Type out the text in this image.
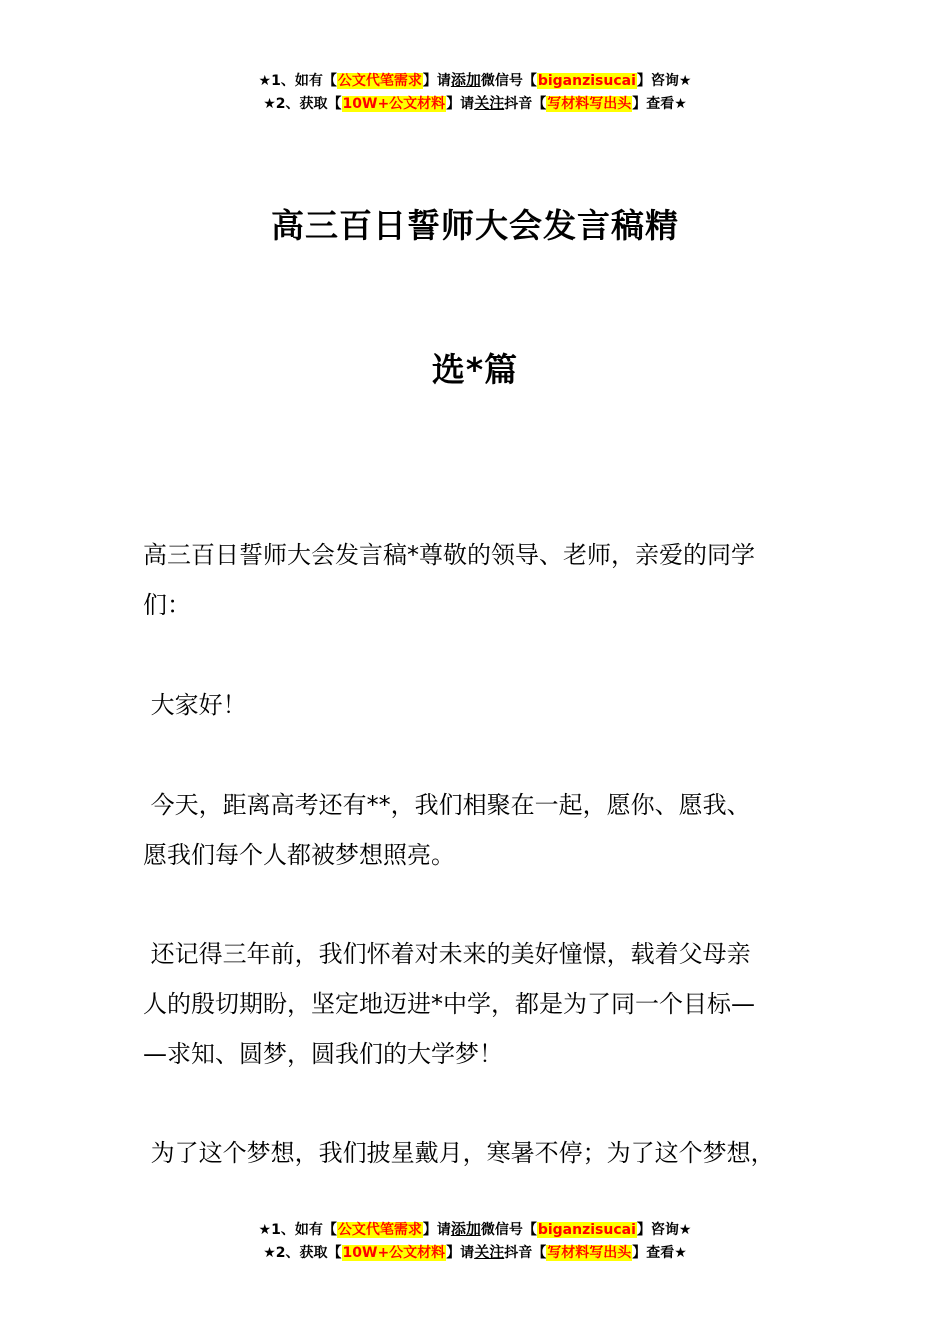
★1、如有【公文代笔需求】请添加微信号【biganzisucai】咨询★
★2、获取【10W+公文材料】请关注抖音【写材料写出头】查看★
高三百日誓师大会发言稿精
选*篇
高三百日誓师大会发言稿*尊敬的领导、老师，亲爱的同学
们：
大家好！
今天，距离高考还有**，我们相聚在一起，愿你、愿我、
愿我们每个人都被梦想照亮。
还记得三年前，我们怀着对未来的美好憧憬，载着父母亲
人的殷切期盼，坚定地迈进*中学，都是为了同一个目标—
—求知、圆梦，圆我们的大学梦！
为了这个梦想，我们披星戴月，寒暑不停；为了这个梦想，
★1、如有【公文代笔需求】请添加微信号【biganzisucai】咨询★
★2、获取【10W+公文材料】请关注抖音【写材料写出头】查看★
